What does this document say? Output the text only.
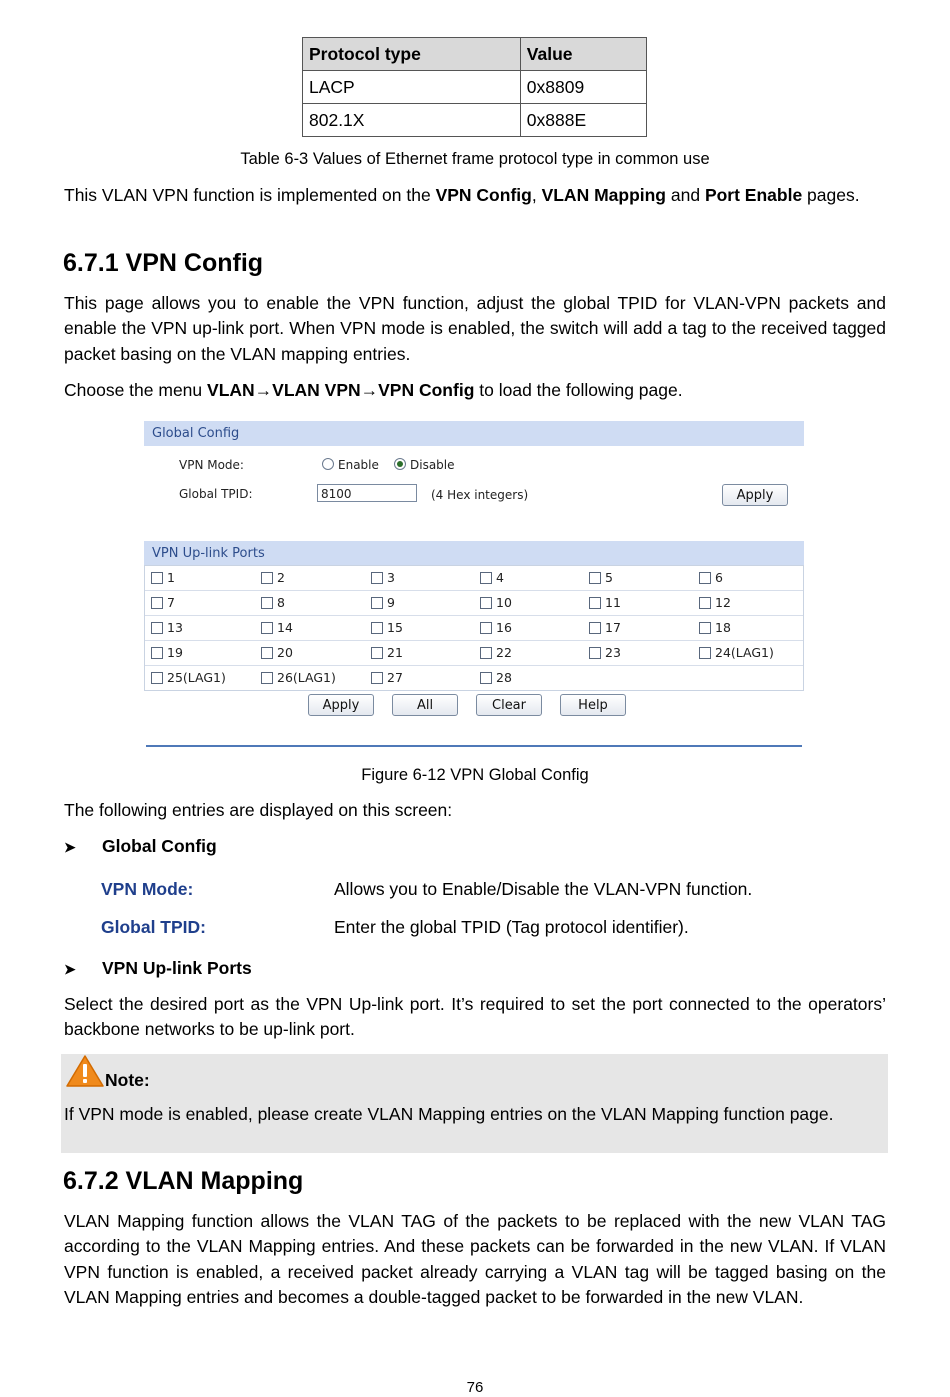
Protocol type	Value
LACP	0x8809
802.1X	0x888E
Table 6-3 Values of Ethernet frame protocol type in common use

This VLAN VPN function is implemented on the VPN Config, VLAN Mapping and Port Enable pages.

6.7.1 VPN Config

This page allows you to enable the VPN function, adjust the global TPID for VLAN-VPN packets and enable the VPN up-link port. When VPN mode is enabled, the switch will add a tag to the received tagged packet basing on the VLAN mapping entries.

Choose the menu VLAN→VLAN VPN→VPN Config to load the following page.

Global Config
VPN Mode:	Enable	Disable
Global TPID:	8100	(4 Hex integers)	Apply
VPN Up-link Ports
1	2	3	4	5	6
7	8	9	10	11	12
13	14	15	16	17	18
19	20	21	22	23	24(LAG1)
25(LAG1)	26(LAG1)	27	28
Apply	All	Clear	Help
Figure 6-12 VPN Global Config

The following entries are displayed on this screen:

➤ Global Config
VPN Mode:	Allows you to Enable/Disable the VLAN-VPN function.
Global TPID:	Enter the global TPID (Tag protocol identifier).
➤ VPN Up-link Ports

Select the desired port as the VPN Up-link port. It’s required to set the port connected to the operators’ backbone networks to be up-link port.

Note:
If VPN mode is enabled, please create VLAN Mapping entries on the VLAN Mapping function page.
6.7.2 VLAN Mapping

VLAN Mapping function allows the VLAN TAG of the packets to be replaced with the new VLAN TAG according to the VLAN Mapping entries. And these packets can be forwarded in the new VLAN. If VLAN VPN function is enabled, a received packet already carrying a VLAN tag will be tagged basing on the VLAN Mapping entries and becomes a double-tagged packet to be forwarded in the new VLAN.

76
